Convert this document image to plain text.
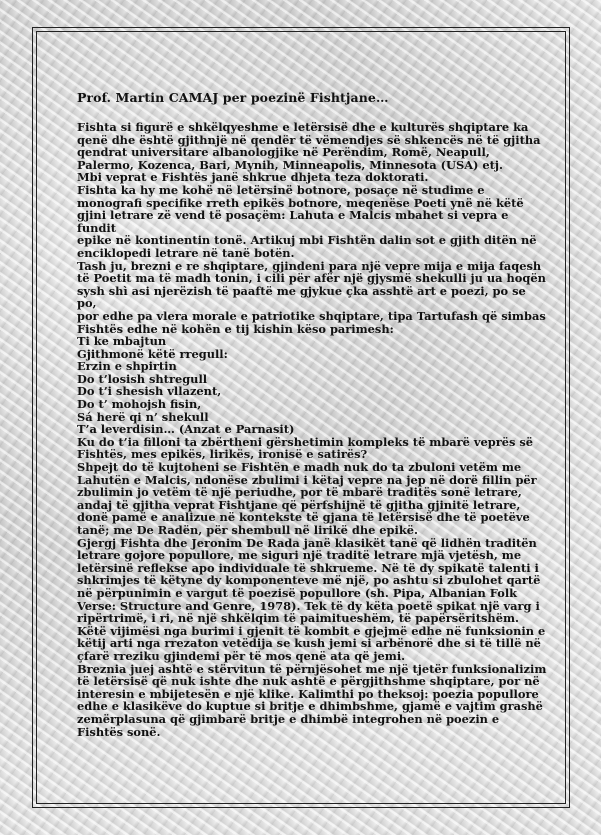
Prof. Martin CAMAJ per poezinë Fishtjane…

Fishta si figurë e shkëlqyeshme e letërsisë dhe e kulturës shqiptare ka
qenë dhe është gjithnjë në qendër të vëmendjes së shkencës në të gjitha
qendrat universitare albanologjike në Perëndim, Romë, Neapull,
Palermo, Kozenca, Bari, Mynih, Minneapolis, Minnesota (USA) etj.
Mbi veprat e Fishtës janë shkrue dhjeta teza doktorati.
Fishta ka hy me kohë në letërsinë botnore, posaçe në studime e
monografi specifike rreth epikës botnore, meqenëse Poeti ynë në këtë
gjini letrare zë vend të posaçëm: Lahuta e Malcis mbahet si vepra e fundit
epike në kontinentin tonë. Artikuj mbi Fishtën dalin sot e gjith ditën në
enciklopedi letrare në tanë botën.
Tash ju, brezni e re shqiptare, gjindeni para një vepre mija e mija faqesh
të Poetit ma të madh tonin, i cili për afër një gjysmë shekulli ju ua hoqën
sysh shì asi njerëzish të paaftë me gjykue çka asshtë art e poezi, po se po,
por edhe pa vlera morale e patriotike shqiptare, tipa Tartufash që simbas
Fishtës edhe në kohën e tij kishin këso parimesh:
Ti ke mbajtun
Gjithmonë këtë rregull:
Erzin e shpirtin
Do t’losish shtregull
Do t’i shesish vllazent,
Do t’ mohojsh fisin,
Sá herë qi n’ shekull
T’a leverdisin… (Anzat e Parnasit)
Ku do t’ia filloni ta zbërtheni gërshetimin kompleks të mbarë veprës së
Fishtës, mes epikës, lirikës, ironisë e satirës?
Shpejt do të kujtoheni se Fishtën e madh nuk do ta zbuloni vetëm me
Lahutën e Malcis, ndonëse zbulimi i këtaj vepre na jep në dorë fillin për
zbulimin jo vetëm të një periudhe, por të mbarë traditës sonë letrare,
andaj të gjitha veprat Fishtjane që përfshijnë të gjitha gjinitë letrare,
donë pamë e analizue në kontekste të gjana të letërsisë dhe të poetëve
tanë; me De Radën, për shembull në lirikë dhe epikë.
Gjergj Fishta dhe Jeronim De Rada janë klasikët tanë që lidhën traditën
letrare gojore popullore, me siguri një traditë letrare mjä vjetësh, me
letërsinë reflekse apo individuale të shkrueme. Në të dy spikatë talenti i
shkrimjes të këtyne dy komponenteve më një, po ashtu si zbulohet qartë
në përpunimin e vargut të poezisë popullore (sh. Pipa, Albanian Folk
Verse: Structure and Genre, 1978). Tek të dy këta poetë spikat një varg i
ripërtrimë, i ri, në një shkëlqim të paimitueshëm, të papërsëritshëm.
Këtë vijimësi nga burimi i gjenit të kombit e gjejmë edhe në funksionin e
këtij arti nga rrezaton vetëdija se kush jemi si arbënorë dhe si të tillë në
çfarë rreziku gjindemi për të mos qenë ata që jemi.
Breznia juej ashtë e stërvitun të përnjësohet me një tjetër funksionalizim
të letërsisë që nuk ishte dhe nuk ashtë e përgjithshme shqiptare, por në
interesin e mbijetesën e një klike. Kalimthi po theksoj: poezia popullore
edhe e klasikëve do kuptue si britje e dhimbshme, gjamë e vajtim grashë
zemërplasuna që gjimbarë britje e dhimbë integrohen në poezin e
Fishtës sonë.
